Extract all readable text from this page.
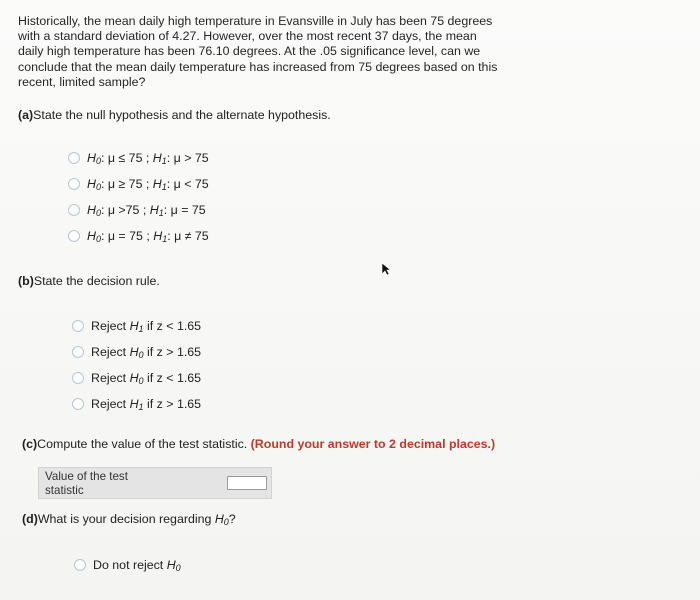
Historically, the mean daily high temperature in Evansville in July has been 75 degrees
with a standard deviation of 4.27. However, over the most recent 37 days, the mean
daily high temperature has been 76.10 degrees. At the .05 significance level, can we
conclude that the mean daily temperature has increased from 75 degrees based on this
recent, limited sample?
(a)State the null hypothesis and the alternate hypothesis.
H0: μ ≤ 75 ; H1: μ > 75
H0: μ ≥ 75 ; H1: μ < 75
H0: μ >75 ; H1: μ = 75
H0: μ = 75 ; H1: μ ≠ 75
(b)State the decision rule.
Reject H1 if z < 1.65
Reject H0 if z > 1.65
Reject H0 if z < 1.65
Reject H1 if z > 1.65
(c)Compute the value of the test statistic. (Round your answer to 2 decimal places.)
Value of the test
statistic
(d)What is your decision regarding H0?
Do not reject H0
